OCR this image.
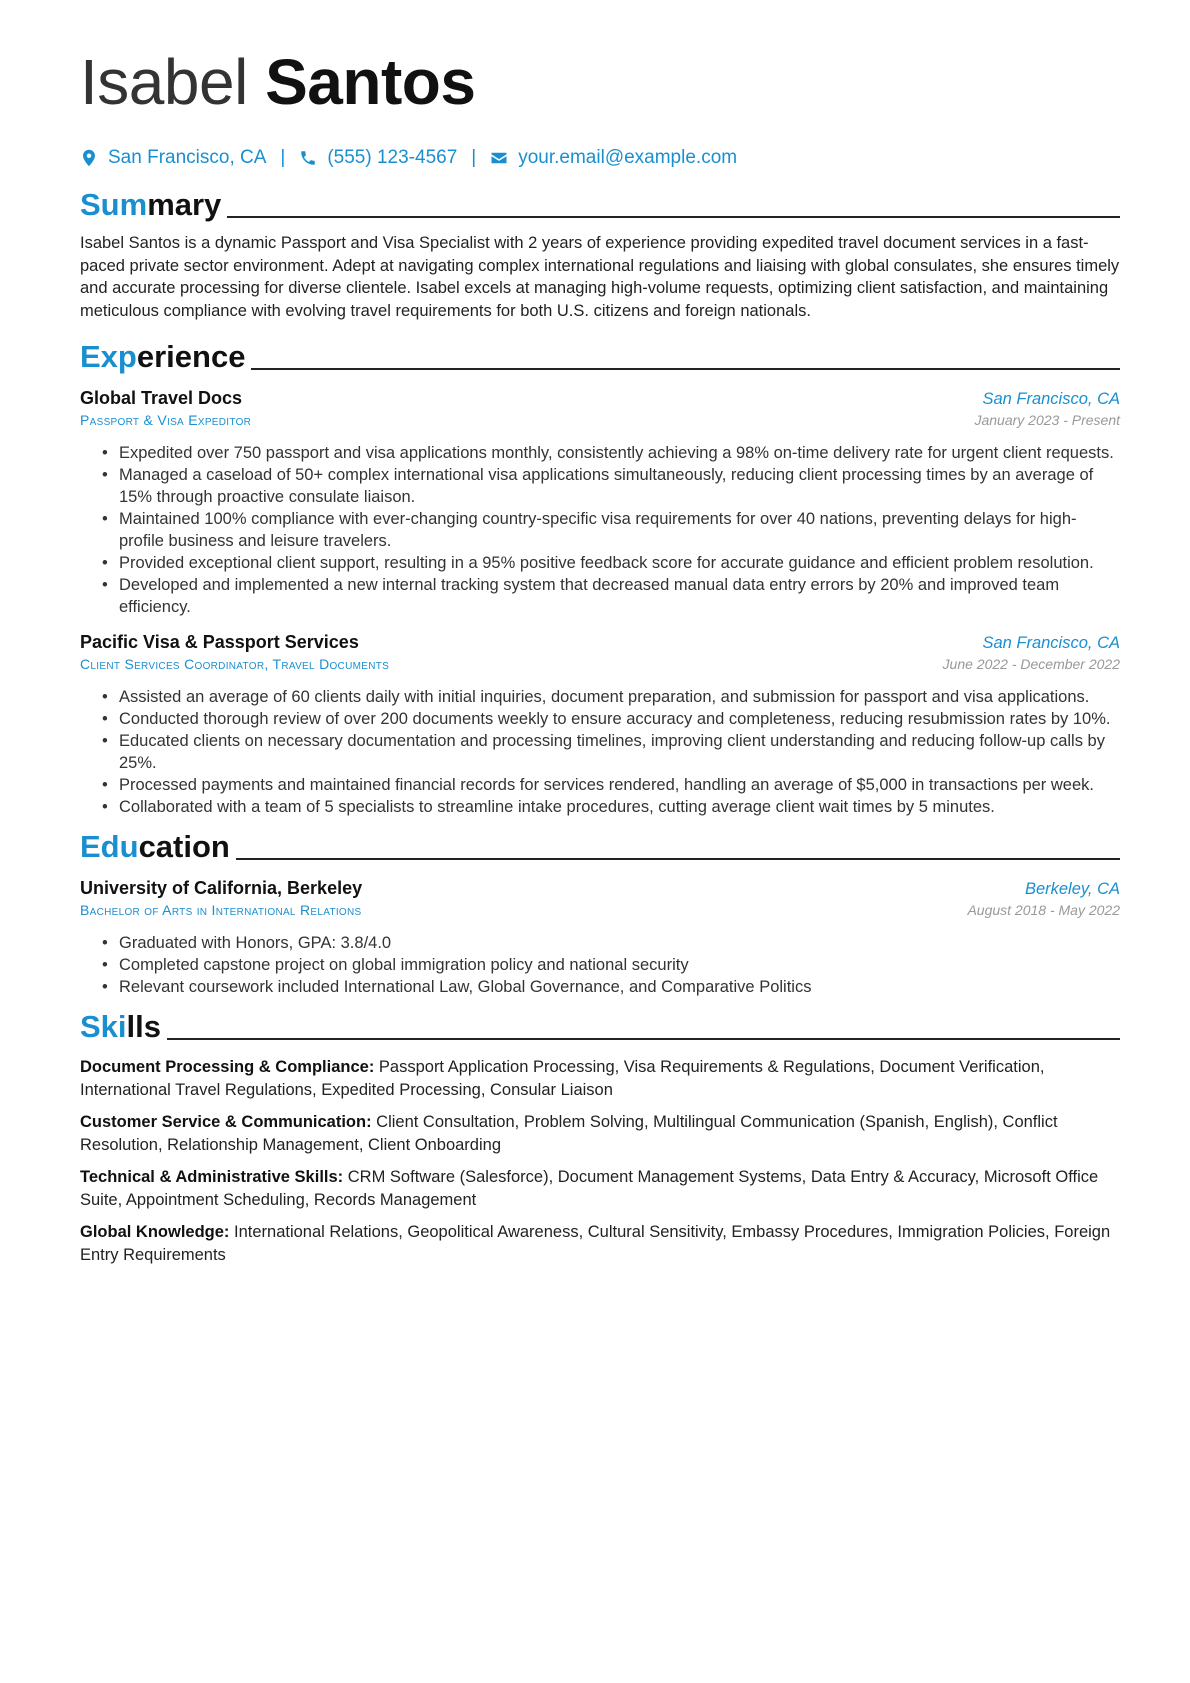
Isabel Santos
San Francisco, CA | (555) 123-4567 | your.email@example.com
Summary

Isabel Santos is a dynamic Passport and Visa Specialist with 2 years of experience providing expedited travel document services in a fast-paced private sector environment. Adept at navigating complex international regulations and liaising with global consulates, she ensures timely and accurate processing for diverse clientele. Isabel excels at managing high-volume requests, optimizing client satisfaction, and maintaining meticulous compliance with evolving travel requirements for both U.S. citizens and foreign nationals.

Experience
Global Travel Docs	San Francisco, CA
Passport & Visa Expeditor	January 2023 - Present
• Expedited over 750 passport and visa applications monthly, consistently achieving a 98% on-time delivery rate for urgent client requests.
• Managed a caseload of 50+ complex international visa applications simultaneously, reducing client processing times by an average of 15% through proactive consulate liaison.
• Maintained 100% compliance with ever-changing country-specific visa requirements for over 40 nations, preventing delays for high-profile business and leisure travelers.
• Provided exceptional client support, resulting in a 95% positive feedback score for accurate guidance and efficient problem resolution.
• Developed and implemented a new internal tracking system that decreased manual data entry errors by 20% and improved team efficiency.
Pacific Visa & Passport Services	San Francisco, CA
Client Services Coordinator, Travel Documents	June 2022 - December 2022
• Assisted an average of 60 clients daily with initial inquiries, document preparation, and submission for passport and visa applications.
• Conducted thorough review of over 200 documents weekly to ensure accuracy and completeness, reducing resubmission rates by 10%.
• Educated clients on necessary documentation and processing timelines, improving client understanding and reducing follow-up calls by 25%.
• Processed payments and maintained financial records for services rendered, handling an average of $5,000 in transactions per week.
• Collaborated with a team of 5 specialists to streamline intake procedures, cutting average client wait times by 5 minutes.
Education
University of California, Berkeley	Berkeley, CA
Bachelor of Arts in International Relations	August 2018 - May 2022
• Graduated with Honors, GPA: 3.8/4.0
• Completed capstone project on global immigration policy and national security
• Relevant coursework included International Law, Global Governance, and Comparative Politics
Skills

Document Processing & Compliance: Passport Application Processing, Visa Requirements & Regulations, Document Verification, International Travel Regulations, Expedited Processing, Consular Liaison

Customer Service & Communication: Client Consultation, Problem Solving, Multilingual Communication (Spanish, English), Conflict Resolution, Relationship Management, Client Onboarding

Technical & Administrative Skills: CRM Software (Salesforce), Document Management Systems, Data Entry & Accuracy, Microsoft Office Suite, Appointment Scheduling, Records Management

Global Knowledge: International Relations, Geopolitical Awareness, Cultural Sensitivity, Embassy Procedures, Immigration Policies, Foreign Entry Requirements
